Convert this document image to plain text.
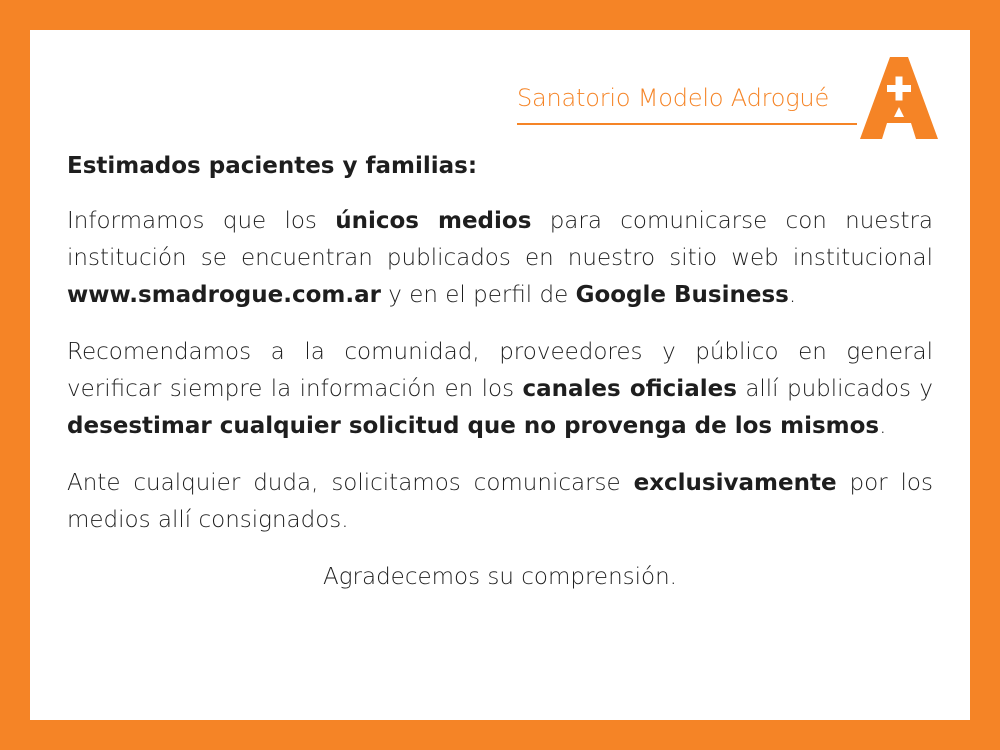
Sanatorio Modelo Adrogué

Estimados pacientes y familias:

Informamos que los únicos medios para comunicarse con nuestra institución se encuentran publicados en nuestro sitio web institucional www.smadrogue.com.ar y en el perfil de Google Business.

Recomendamos a la comunidad, proveedores y público en general verificar siempre la información en los canales oficiales allí publicados y desestimar cualquier solicitud que no provenga de los mismos.

Ante cualquier duda, solicitamos comunicarse exclusivamente por los medios allí consignados.

Agradecemos su comprensión.
